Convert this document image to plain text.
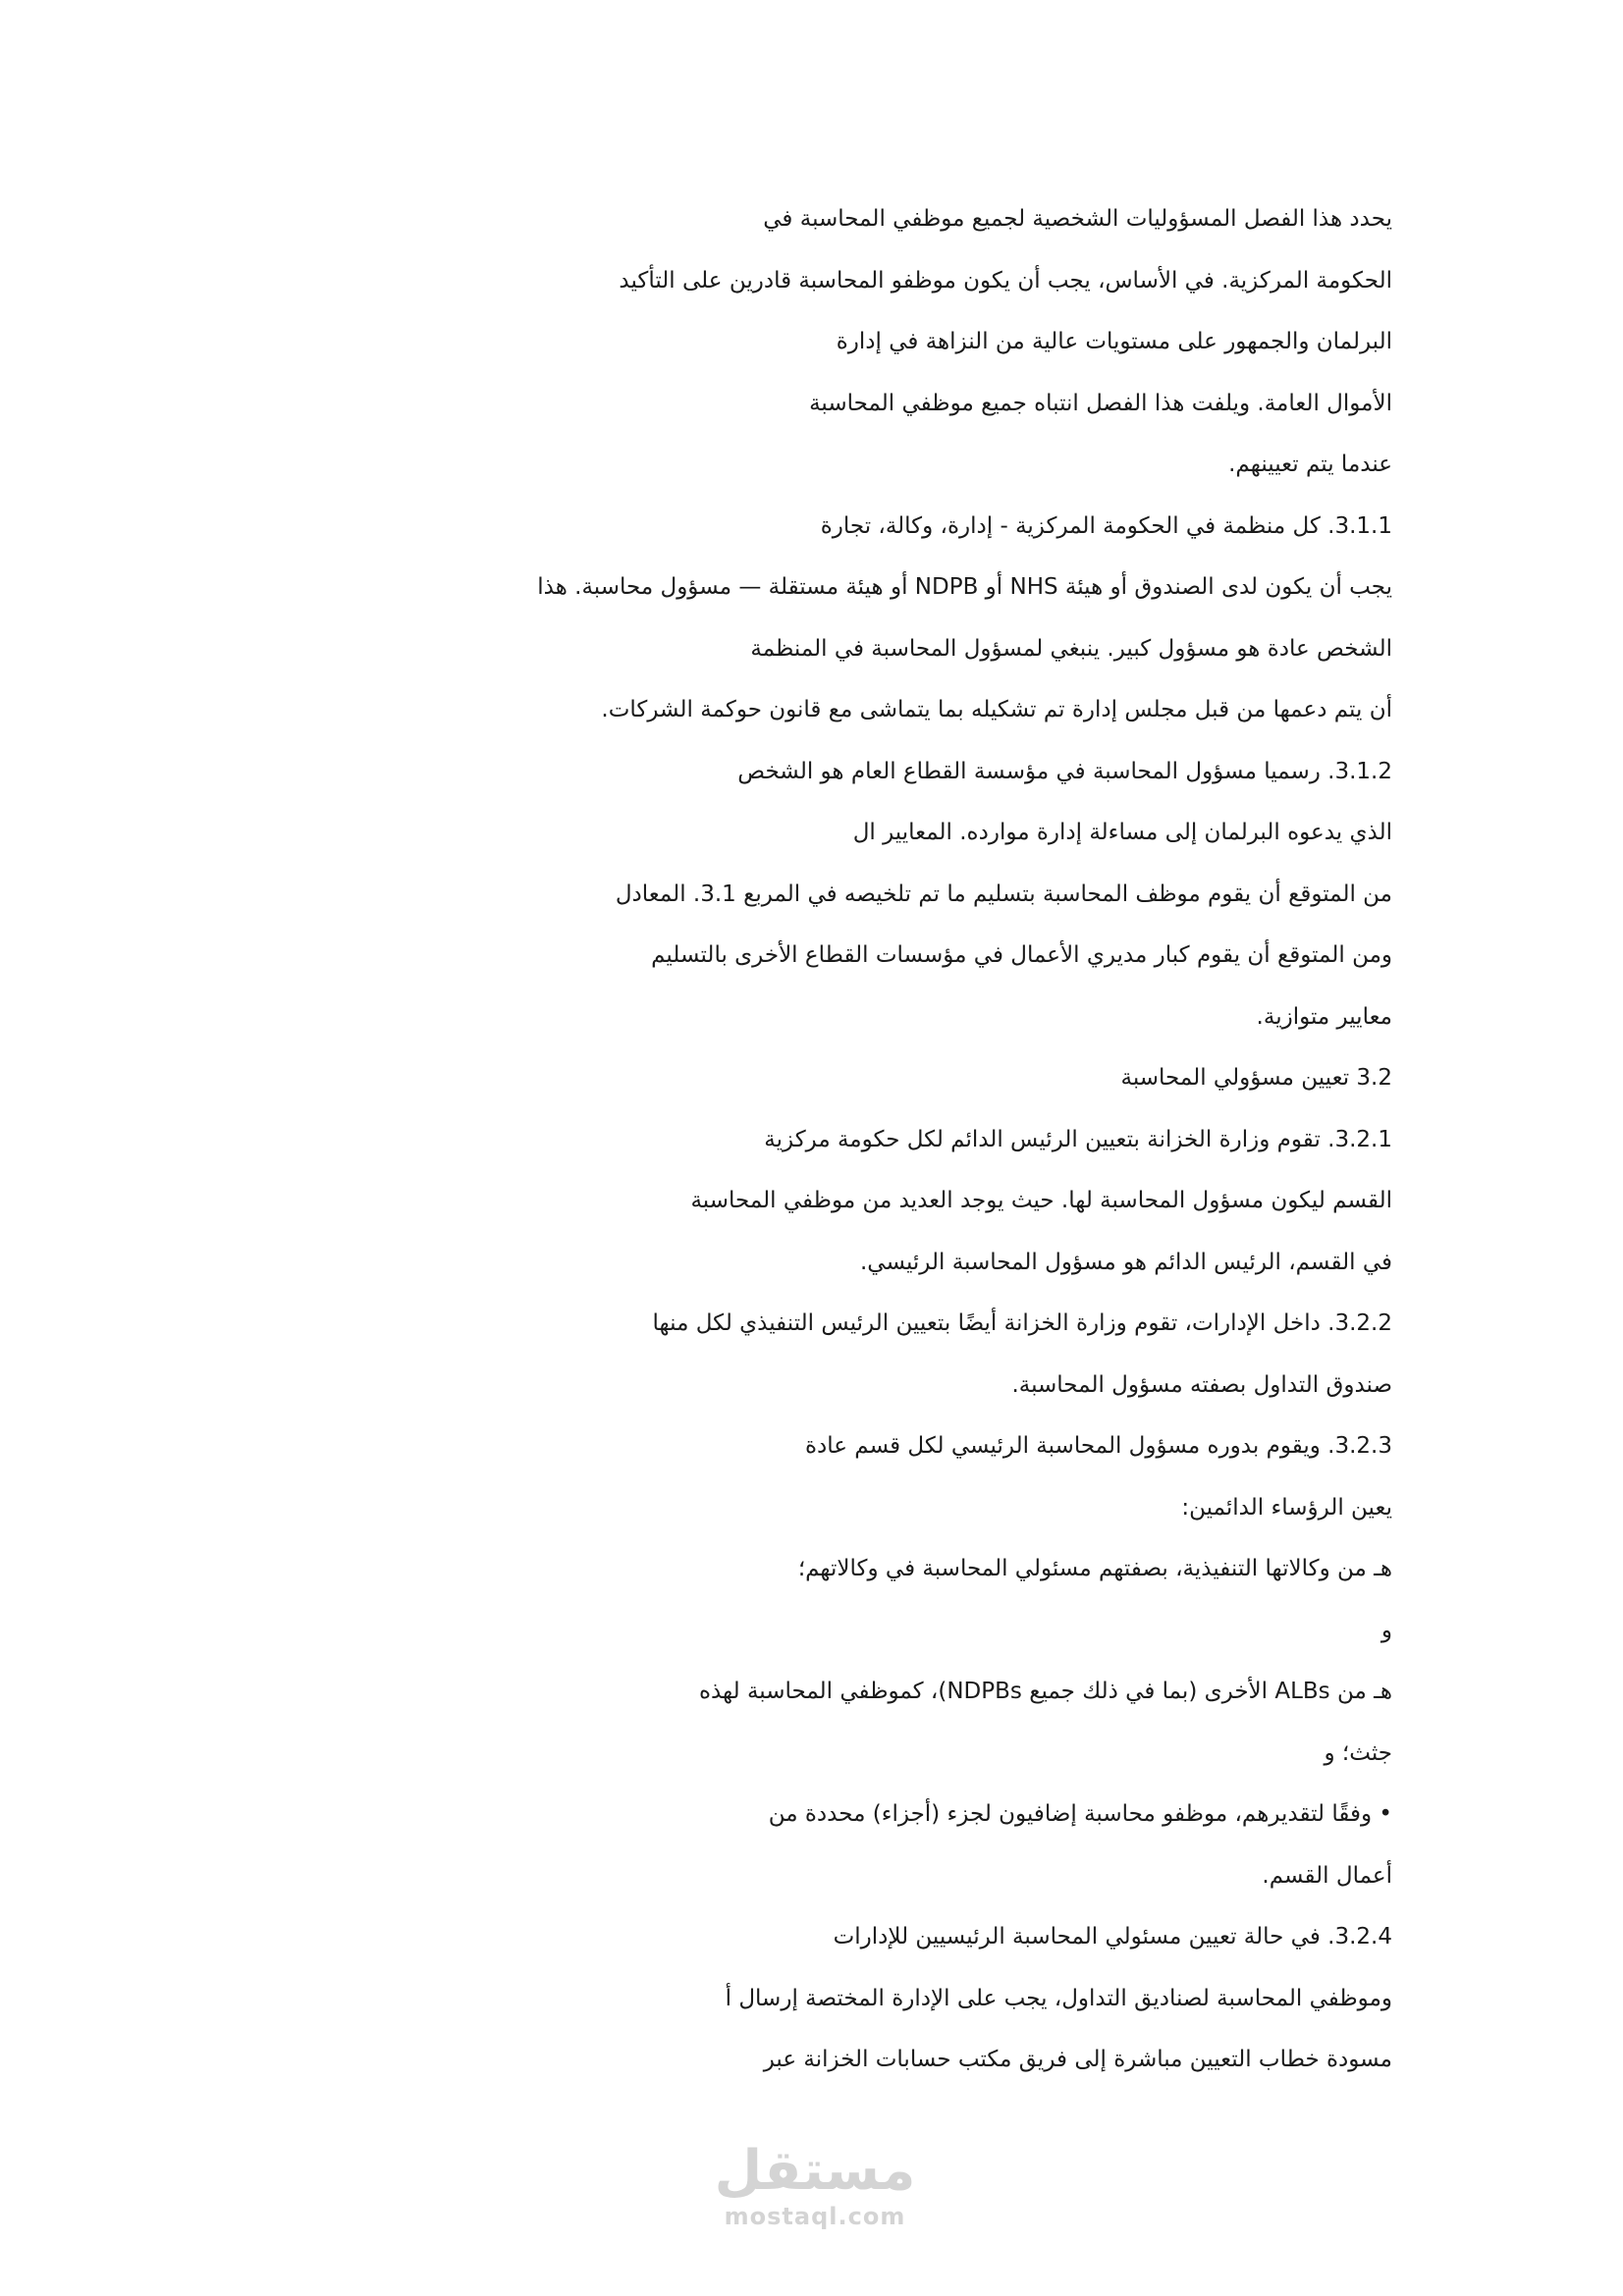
يحدد هذا الفصل المسؤوليات الشخصية لجميع موظفي المحاسبة في
الحكومة المركزية. في الأساس، يجب أن يكون موظفو المحاسبة قادرين على التأكيد
البرلمان والجمهور على مستويات عالية من النزاهة في إدارة
الأموال العامة. ويلفت هذا الفصل انتباه جميع موظفي المحاسبة
عندما يتم تعيينهم.
3.1.1. كل منظمة في الحكومة المركزية - إدارة، وكالة، تجارة
يجب أن يكون لدى الصندوق أو هيئة NHS أو NDPB أو هيئة مستقلة — مسؤول محاسبة. هذا
الشخص عادة هو مسؤول كبير. ينبغي لمسؤول المحاسبة في المنظمة
أن يتم دعمها من قبل مجلس إدارة تم تشكيله بما يتماشى مع قانون حوكمة الشركات.
3.1.2. رسميا مسؤول المحاسبة في مؤسسة القطاع العام هو الشخص
الذي يدعوه البرلمان إلى مساءلة إدارة موارده. المعايير ال
من المتوقع أن يقوم موظف المحاسبة بتسليم ما تم تلخيصه في المربع 3.1. المعادل
ومن المتوقع أن يقوم كبار مديري الأعمال في مؤسسات القطاع الأخرى بالتسليم
معايير متوازية.
3.2 تعيين مسؤولي المحاسبة
3.2.1. تقوم وزارة الخزانة بتعيين الرئيس الدائم لكل حكومة مركزية
القسم ليكون مسؤول المحاسبة لها. حيث يوجد العديد من موظفي المحاسبة
في القسم، الرئيس الدائم هو مسؤول المحاسبة الرئيسي.
3.2.2. داخل الإدارات، تقوم وزارة الخزانة أيضًا بتعيين الرئيس التنفيذي لكل منها
صندوق التداول بصفته مسؤول المحاسبة.
3.2.3. ويقوم بدوره مسؤول المحاسبة الرئيسي لكل قسم عادة
يعين الرؤساء الدائمين:
هـ من وكالاتها التنفيذية، بصفتهم مسئولي المحاسبة في وكالاتهم؛
و
هـ من ALBs الأخرى (بما في ذلك جميع NDPBs)، كموظفي المحاسبة لهذه
جثث؛ و
• وفقًا لتقديرهم، موظفو محاسبة إضافيون لجزء (أجزاء) محددة من
أعمال القسم.
3.2.4. في حالة تعيين مسئولي المحاسبة الرئيسيين للإدارات
وموظفي المحاسبة لصناديق التداول، يجب على الإدارة المختصة إرسال أ
مسودة خطاب التعيين مباشرة إلى فريق مكتب حسابات الخزانة عبر
مستقل
mostaql.com
